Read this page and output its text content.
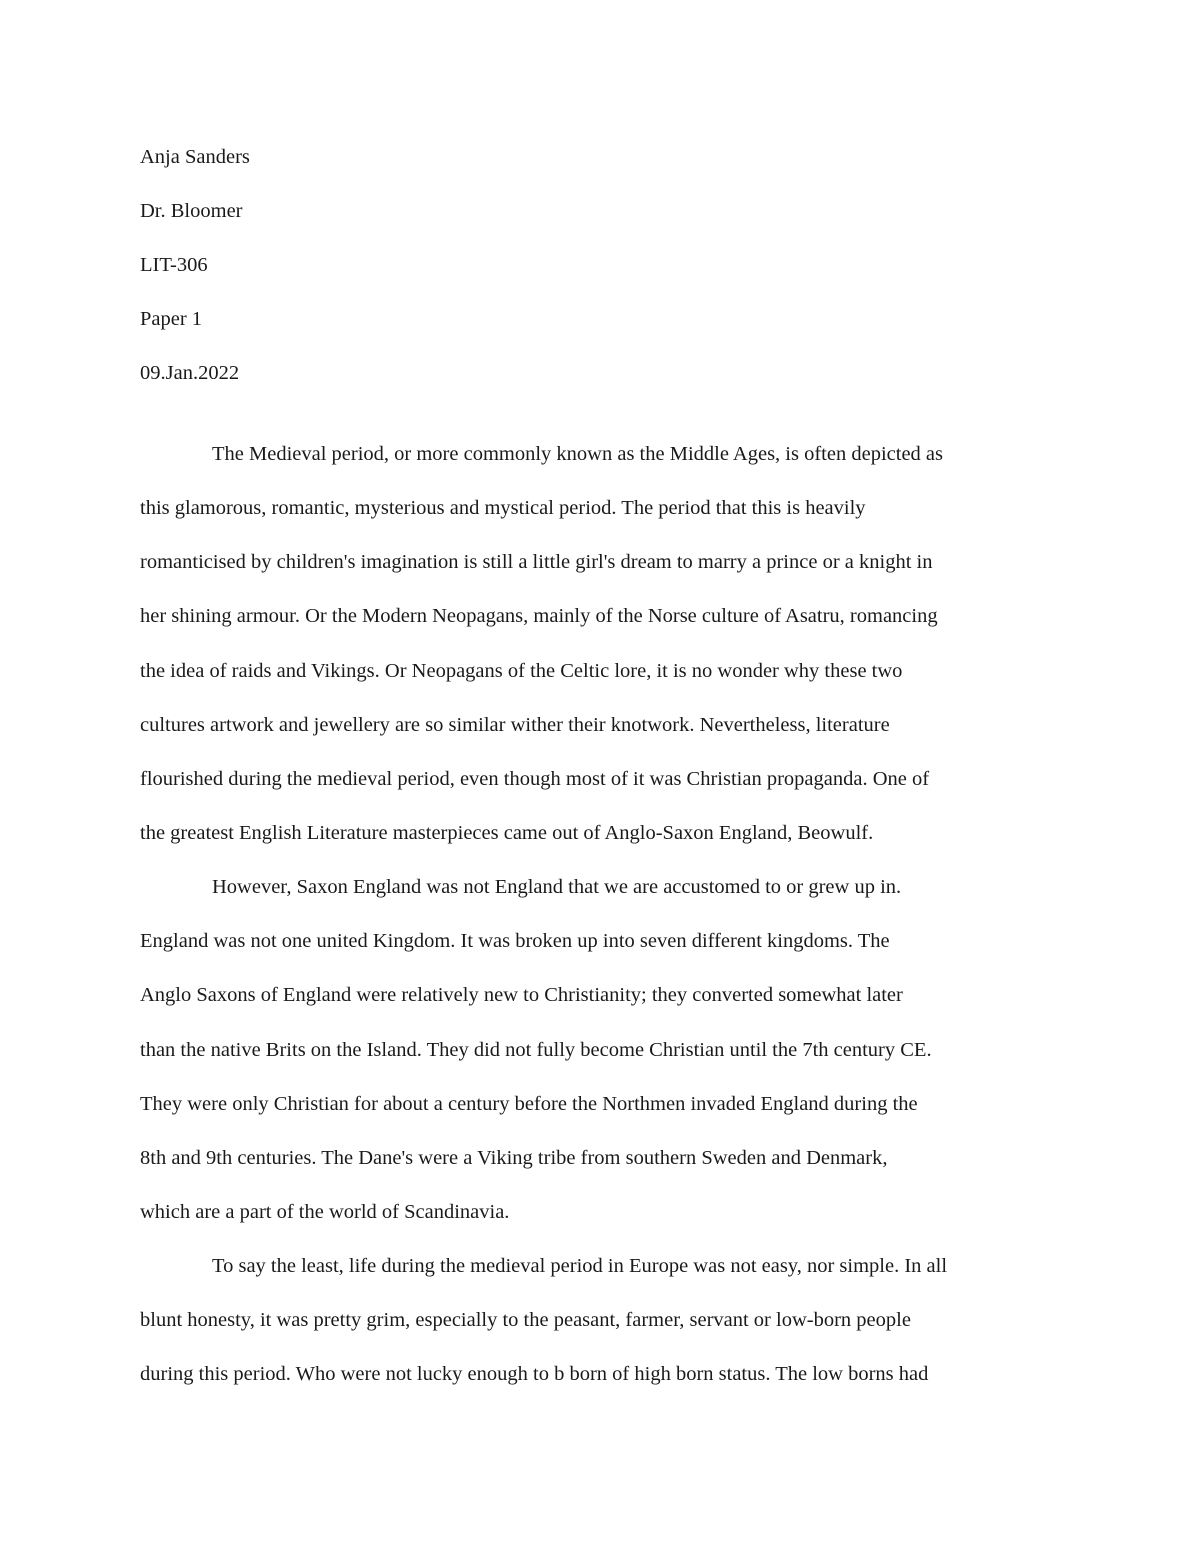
Anja Sanders
Dr. Bloomer
LIT-306
Paper 1
09.Jan.2022
The Medieval period, or more commonly known as the Middle Ages, is often depicted as
this glamorous, romantic, mysterious and mystical period. The period that this is heavily
romanticised by children's imagination is still a little girl's dream to marry a prince or a knight in
her shining armour. Or the Modern Neopagans, mainly of the Norse culture of Asatru, romancing
the idea of raids and Vikings. Or Neopagans of the Celtic lore, it is no wonder why these two
cultures artwork and jewellery are so similar wither their knotwork. Nevertheless, literature
flourished during the medieval period, even though most of it was Christian propaganda. One of
the greatest English Literature masterpieces came out of Anglo-Saxon England, Beowulf.
However, Saxon England was not England that we are accustomed to or grew up in.
England was not one united Kingdom. It was broken up into seven different kingdoms. The
Anglo Saxons of England were relatively new to Christianity; they converted somewhat later
than the native Brits on the Island. They did not fully become Christian until the 7th century CE.
They were only Christian for about a century before the Northmen invaded England during the
8th and 9th centuries. The Dane's were a Viking tribe from southern Sweden and Denmark,
which are a part of the world of Scandinavia.
To say the least, life during the medieval period in Europe was not easy, nor simple. In all
blunt honesty, it was pretty grim, especially to the peasant, farmer, servant or low-born people
during this period. Who were not lucky enough to b born of high born status. The low borns had
